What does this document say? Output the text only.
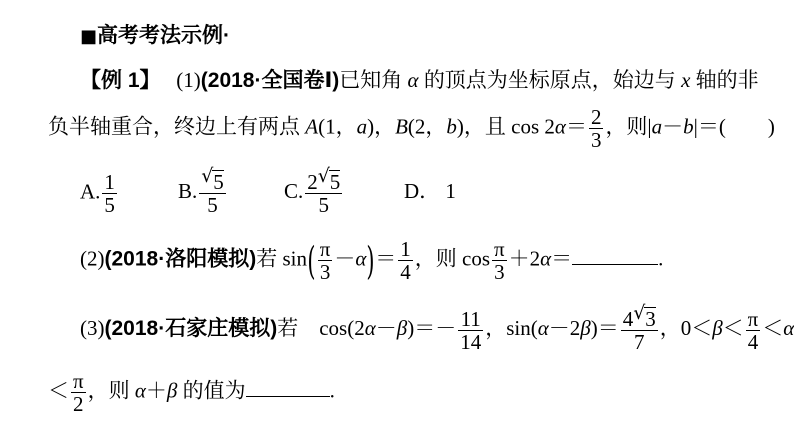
■高考考法示例·
【例 1】 (1)(2018·全国卷Ⅰ)已知角 α 的顶点为坐标原点，始边与 x 轴的非
负半轴重合，终边上有两点 A(1，a)，B(2，b)，且 $\cos 2\alpha= \frac{2}{3}$ ，则|a－b|＝(　　)
A. $\frac{1}{5}$	B. √ $\frac{5}{5}$	C. $\frac{2 √ 5}{5}$	D． 1
(2)(2018·洛阳模拟)若 $\sin( \frac{\pi}{3} -\alpha)= \frac{1}{4}$ ，则 $\cos \frac{\pi}{3} +2\alpha=$	.
(3)(2018·石家庄模拟)若　$\cos(2\alpha-\beta)=- \frac{11}{14}$ ，$\sin(\alpha-2\beta)= \frac{4 √ 3}{7}$ ，$0<\beta< \frac{\pi}{4} <\alpha$
＜ $\frac{\pi}{2}$ ，则 α＋β 的值为	.
